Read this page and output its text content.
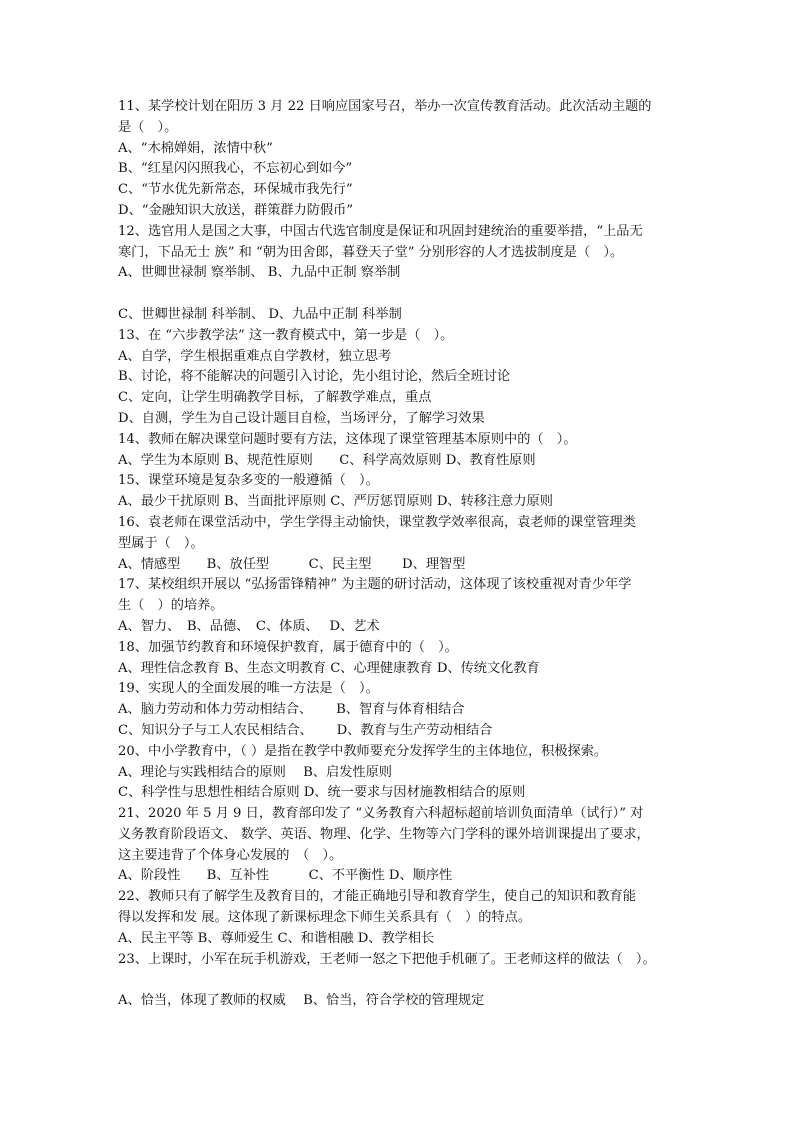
11、某学校计划在阳历 3 月 22 日响应国家号召，举办一次宣传教育活动。此次活动主题的
是（　）。
A、“木棉婵娟，浓情中秋”
B、“红星闪闪照我心，不忘初心到如今”
C、“节水优先新常态，环保城市我先行”
D、“金融知识大放送，群策群力防假币”
12、选官用人是国之大事，中国古代选官制度是保证和巩固封建统治的重要举措，“上品无
寒门，下品无士 族” 和 “朝为田舍郎，暮登天子堂” 分别形容的人才选拔制度是（　）。
A、世卿世禄制 察举制、 B、九品中正制 察举制
C、世卿世禄制 科举制、 D、九品中正制 科举制
13、在 “六步教学法” 这一教育模式中，第一步是（　）。
A、自学，学生根据重难点自学教材，独立思考
B、讨论，将不能解决的问题引入讨论，先小组讨论，然后全班讨论
C、定向，让学生明确教学目标，了解教学难点，重点
D、自测，学生为自己设计题目自检，当场评分，了解学习效果
14、教师在解决课堂问题时要有方法，这体现了课堂管理基本原则中的（　）。
A、学生为本原则 B、规范性原则　　C、科学高效原则 D、教育性原则
15、课堂环境是复杂多变的一般遵循（　）。
A、最少干扰原则 B、当面批评原则 C、严厉惩罚原则 D、转移注意力原则
16、袁老师在课堂活动中，学生学得主动愉快，课堂教学效率很高，袁老师的课堂管理类
型属于（　）。
A、情感型　　B、放任型　　　C、民主型　　 D、理智型
17、某校组织开展以 “弘扬雷锋精神” 为主题的研讨活动，这体现了该校重视对青少年学
生（　）的培养。
A、智力、　B、品德、　C、体质、　 D、艺术
18、加强节约教育和环境保护教育，属于德育中的（　）。
A、理性信念教育 B、生态文明教育 C、心理健康教育 D、传统文化教育
19、实现人的全面发展的唯一方法是（　）。
A、脑力劳动和体力劳动相结合、　　 B、智育与体育相结合
C、知识分子与工人农民相结合、　　 D、教育与生产劳动相结合
20、中小学教育中，（ ）是指在教学中教师要充分发挥学生的主体地位，积极探索。
A、理论与实践相结合的原则　 B、启发性原则
C、科学性与思想性相结合原则 D、统一要求与因材施教相结合的原则
21、2020 年 5 月 9 日，教育部印发了 “义务教育六科超标超前培训负面清单（试行）” 对
义务教育阶段语文、 数学、英语、物理、化学、生物等六门学科的课外培训课提出了要求，
这主要违背了个体身心发展的　（　）。
A、阶段性　　B、互补性　　　C、不平衡性 D、顺序性
22、教师只有了解学生及教育目的，才能正确地引导和教育学生，使自己的知识和教育能
得以发挥和发 展。这体现了新课标理念下师生关系具有（　）的特点。
A、民主平等 B、尊师爱生 C、和谐相融 D、教学相长
23、上课时，小军在玩手机游戏，王老师一怒之下把他手机砸了。王老师这样的做法（　）。
A、恰当，体现了教师的权威　 B、恰当，符合学校的管理规定
